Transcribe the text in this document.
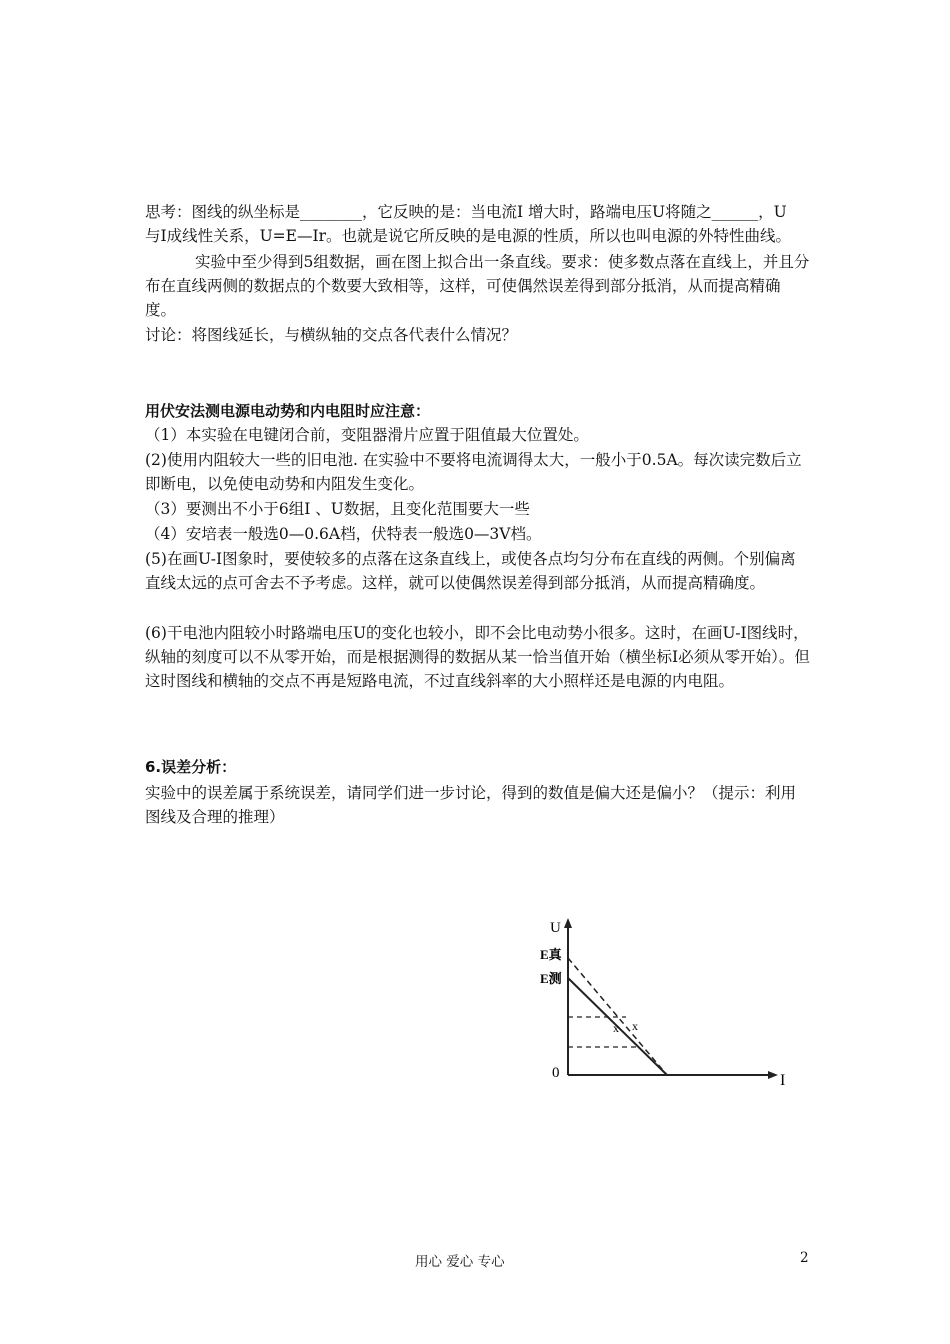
思考：图线的纵坐标是________，它反映的是：当电流I 增大时，路端电压U将随之______，U
与I成线性关系，U=E—Ir。也就是说它所反映的是电源的性质，所以也叫电源的外特性曲线。
实验中至少得到5组数据，画在图上拟合出一条直线。要求：使多数点落在直线上，并且分布在直线两侧的数据点的个数要大致相等，这样，可使偶然误差得到部分抵消，从而提高精确度。
讨论：将图线延长，与横纵轴的交点各代表什么情况？
用伏安法测电源电动势和内电阻时应注意：
（1）本实验在电键闭合前，变阻器滑片应置于阻值最大位置处。
(2)使用内阻较大一些的旧电池. 在实验中不要将电流调得太大，一般小于0.5A。每次读完数后立即断电，以免使电动势和内阻发生变化。
（3）要测出不小于6组I 、U数据，且变化范围要大一些
（4）安培表一般选0—0.6A档，伏特表一般选0—3V档。
(5)在画U-I图象时，要使较多的点落在这条直线上，或使各点均匀分布在直线的两侧。个别偏离直线太远的点可舍去不予考虑。这样，就可以使偶然误差得到部分抵消，从而提高精确度。
(6)干电池内阻较小时路端电压U的变化也较小，即不会比电动势小很多。这时，在画U-I图线时，纵轴的刻度可以不从零开始，而是根据测得的数据从某一恰当值开始（横坐标I必须从零开始）。但这时图线和横轴的交点不再是短路电流，不过直线斜率的大小照样还是电源的内电阻。
6.误差分析：
实验中的误差属于系统误差，请同学们进一步讨论，得到的数值是偏大还是偏小？（提示：利用图线及合理的推理）
U
I
0
E真
E测
x x
用心 爱心 专心	2
